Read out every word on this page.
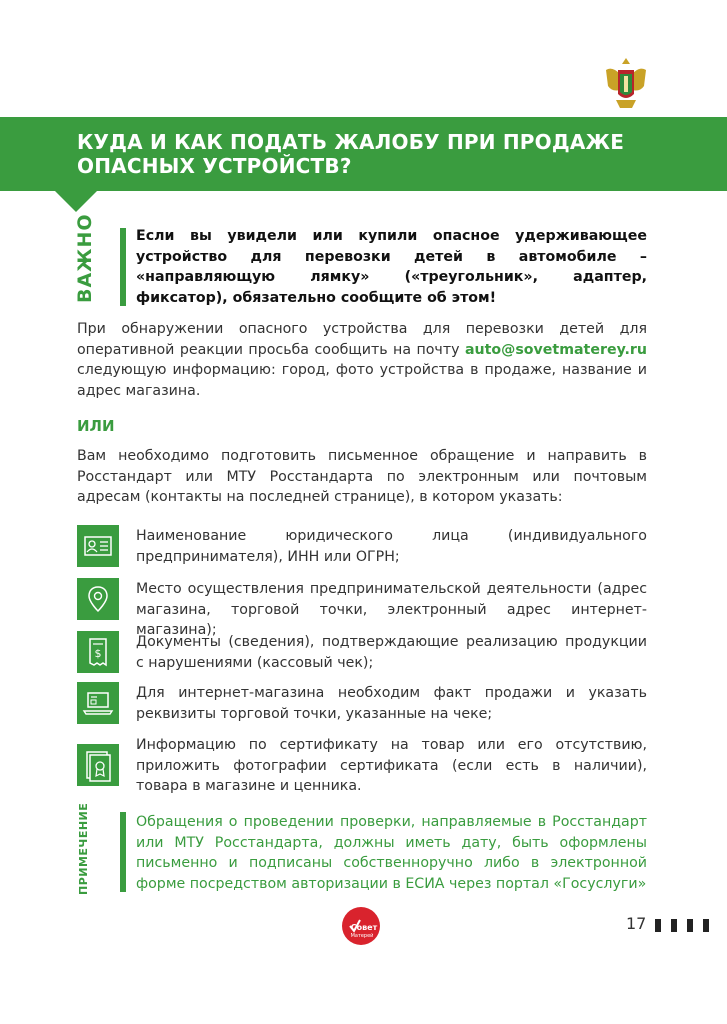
КУДА И КАК ПОДАТЬ ЖАЛОБУ ПРИ ПРОДАЖЕ
ОПАСНЫХ УСТРОЙСТВ?
ВАЖНО	Если вы увидели или купили опасное удерживающее устройство для перевозки детей в автомобиле – «направляющую лямку» («треугольник», адаптер, фиксатор), обязательно сообщите об этом!

При обнаружении опасного устройства для перевозки детей для оперативной реакции просьба сообщить на почту auto@sovetmaterey.ru следующую информацию: город, фото устройства в продаже, название и адрес магазина.

ИЛИ

Вам необходимо подготовить письменное обращение и направить в Росстандарт или МТУ Росстандарта по электронным или почтовым адресам (контакты на последней странице), в котором указать:

Наименование юридического лица (индивидуального предпринимателя), ИНН или ОГРН;

Место осуществления предпринимательской деятельности (адрес магазина, торговой точки, электронный адрес интернет-магазина);

$

Документы (сведения), подтверждающие реализацию продукции с нарушениями (кассовый чек);

Для интернет-магазина необходим факт продажи и указать реквизиты торговой точки, указанные на чеке;

Информацию по сертификату на товар или его отсутствию, приложить фотографии сертификата (если есть в наличии), товара в магазине и ценника.

ПРИМЕЧЕНИЕ	Обращения о проведении проверки, направляемые в Росстандарт или МТУ Росстандарта, должны иметь дату, быть оформлены письменно и подписаны собственноручно либо в электронной форме посредством авторизации в ЕСИА через портал «Госуслуги»

Совет
Матерей

17
